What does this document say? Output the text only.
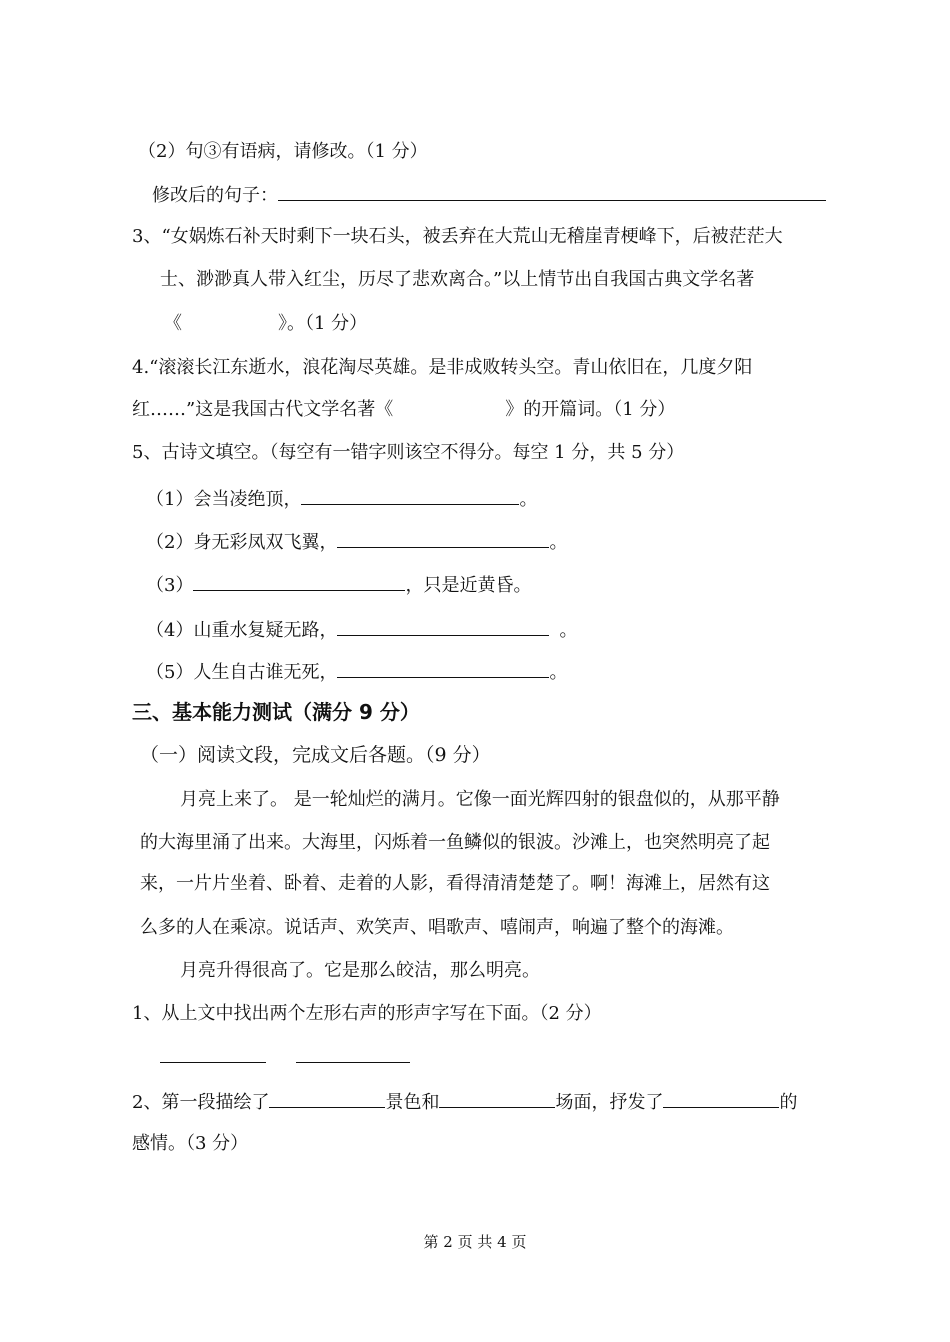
（2）句③有语病，请修改。（1 分）
修改后的句子：
3、“女娲炼石补天时剩下一块石头，被丢弃在大荒山无稽崖青梗峰下，后被茫茫大
士、渺渺真人带入红尘，历尽了悲欢离合。”以上情节出自我国古典文学名著
《	》。（1 分）
4.“滚滚长江东逝水，浪花淘尽英雄。是非成败转头空。青山依旧在，几度夕阳
红……”这是我国古代文学名著《	》的开篇词。（1 分）
5、古诗文填空。（每空有一错字则该空不得分。每空 1 分，共 5 分）
（1）会当凌绝顶，	。
（2）身无彩凤双飞翼，	。
（3）	，只是近黄昏。
（4）山重水复疑无路，	。
（5）人生自古谁无死，	。
三、基本能力测试（满分 9 分）
（一）阅读文段，完成文后各题。（9 分）
月亮上来了。 是一轮灿烂的满月。它像一面光辉四射的银盘似的，从那平静
的大海里涌了出来。大海里，闪烁着一鱼鳞似的银波。沙滩上，也突然明亮了起
来，一片片坐着、卧着、走着的人影，看得清清楚楚了。啊！海滩上，居然有这
么多的人在乘凉。说话声、欢笑声、唱歌声、嘻闹声，响遍了整个的海滩。
月亮升得很高了。它是那么皎洁，那么明亮。
1、从上文中找出两个左形右声的形声字写在下面。（2 分）
2、第一段描绘了	景色和	场面，抒发了	的
感情。（3 分）
第 2 页 共 4 页
